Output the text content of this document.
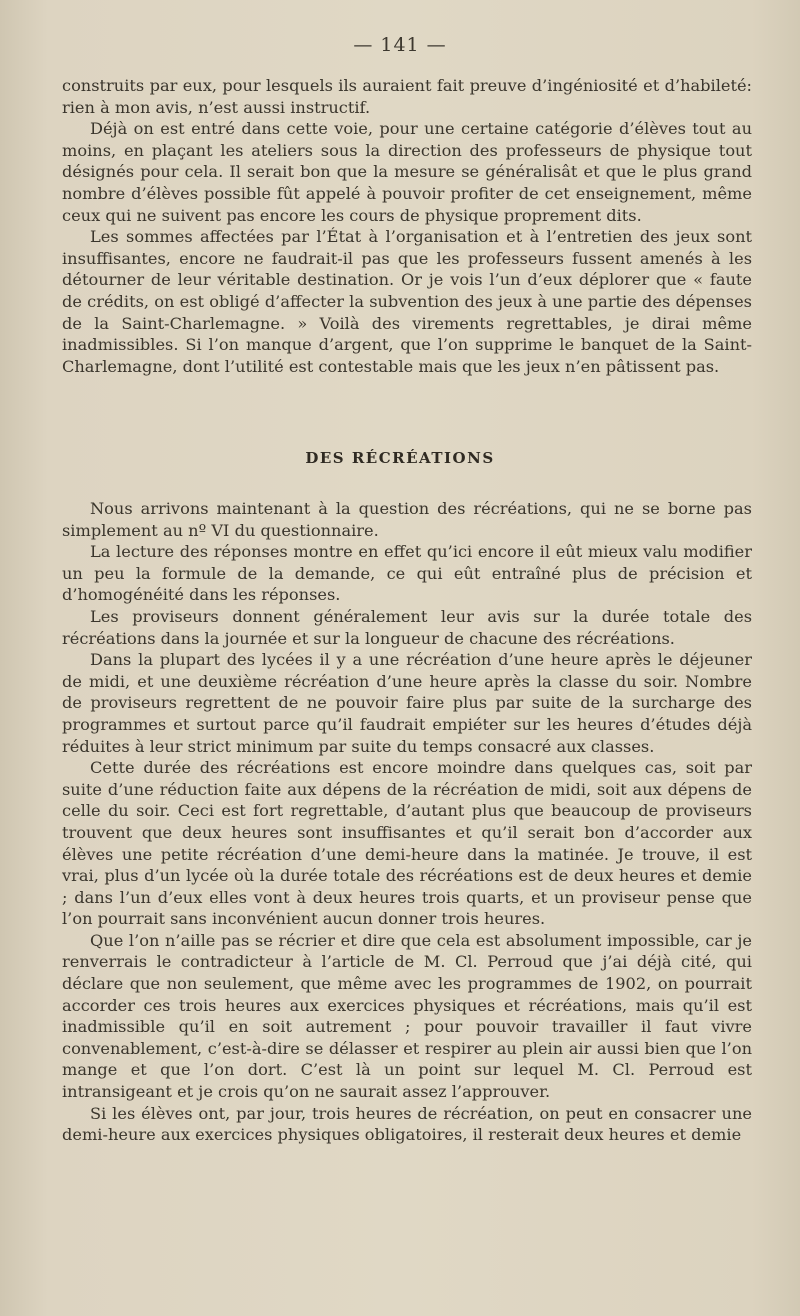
— 141 —

construits par eux, pour lesquels ils auraient fait preuve d’ingéniosité et d’habileté: rien à mon avis, n’est aussi instructif.

Déjà on est entré dans cette voie, pour une certaine catégorie d’élèves tout au moins, en plaçant les ateliers sous la direction des professeurs de physique tout désignés pour cela. Il serait bon que la mesure se généralisât et que le plus grand nombre d’élèves possible fût appelé à pouvoir profiter de cet enseignement, même ceux qui ne suivent pas encore les cours de physique proprement dits.

Les sommes affectées par l’État à l’organisation et à l’entretien des jeux sont insuffisantes, encore ne faudrait-il pas que les professeurs fussent amenés à les détourner de leur véritable destination. Or je vois l’un d’eux déplorer que « faute de crédits, on est obligé d’affecter la subvention des jeux à une partie des dépenses de la Saint-Charlemagne. » Voilà des virements regrettables, je dirai même inadmissibles. Si l’on manque d’argent, que l’on supprime le banquet de la Saint-Charlemagne, dont l’utilité est contestable mais que les jeux n’en pâtissent pas.

DES RÉCRÉATIONS

Nous arrivons maintenant à la question des récréations, qui ne se borne pas simplement au nº VI du questionnaire.

La lecture des réponses montre en effet qu’ici encore il eût mieux valu modifier un peu la formule de la demande, ce qui eût entraîné plus de précision et d’homogénéité dans les réponses.

Les proviseurs donnent généralement leur avis sur la durée totale des récréations dans la journée et sur la longueur de chacune des récréations.

Dans la plupart des lycées il y a une récréation d’une heure après le déjeuner de midi, et une deuxième récréation d’une heure après la classe du soir. Nombre de proviseurs regrettent de ne pouvoir faire plus par suite de la surcharge des programmes et surtout parce qu’il faudrait empiéter sur les heures d’études déjà réduites à leur strict minimum par suite du temps consacré aux classes.

Cette durée des récréations est encore moindre dans quelques cas, soit par suite d’une réduction faite aux dépens de la récréation de midi, soit aux dépens de celle du soir. Ceci est fort regrettable, d’autant plus que beaucoup de proviseurs trouvent que deux heures sont insuffisantes et qu’il serait bon d’accorder aux élèves une petite récréation d’une demi-heure dans la matinée. Je trouve, il est vrai, plus d’un lycée où la durée totale des récréations est de deux heures et demie ; dans l’un d’eux elles vont à deux heures trois quarts, et un proviseur pense que l’on pourrait sans inconvénient aucun donner trois heures.

Que l’on n’aille pas se récrier et dire que cela est absolument impossible, car je renverrais le contradicteur à l’article de M. Cl. Perroud que j’ai déjà cité, qui déclare que non seulement, que même avec les programmes de 1902, on pourrait accorder ces trois heures aux exercices physiques et récréations, mais qu’il est inadmissible qu’il en soit autrement ; pour pouvoir travailler il faut vivre convenablement, c’est-à-dire se délasser et respirer au plein air aussi bien que l’on mange et que l’on dort. C’est là un point sur lequel M. Cl. Perroud est intransigeant et je crois qu’on ne saurait assez l’approuver.

Si les élèves ont, par jour, trois heures de récréation, on peut en consacrer une demi-heure aux exercices physiques obligatoires, il resterait deux heures et demie
